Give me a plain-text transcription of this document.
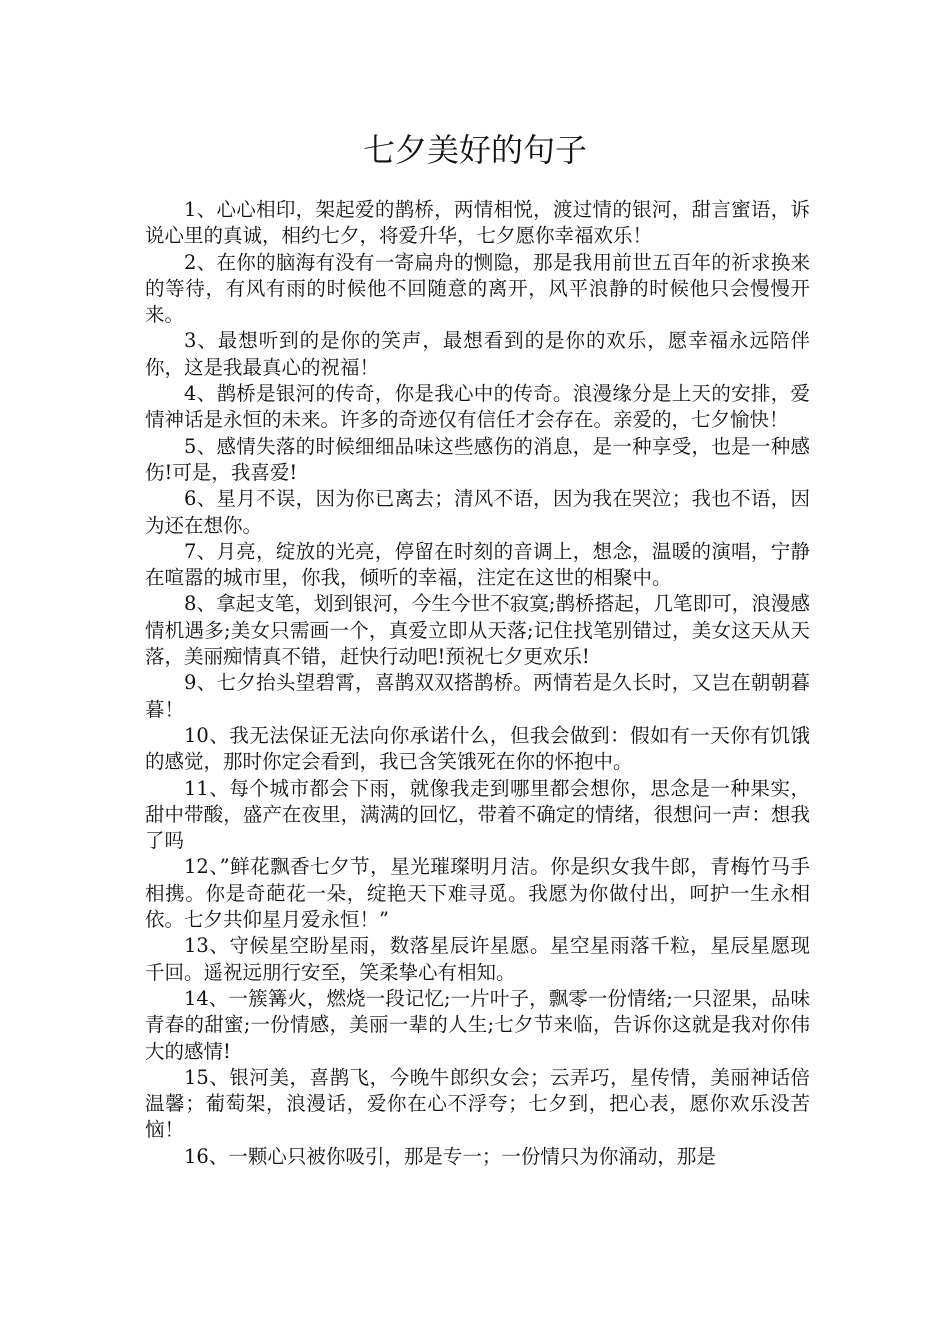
七夕美好的句子

1、心心相印，架起爱的鹊桥，两情相悦，渡过情的银河，甜言蜜语，诉说心里的真诚，相约七夕，将爱升华，七夕愿你幸福欢乐！

2、在你的脑海有没有一寄扁舟的恻隐，那是我用前世五百年的祈求换来的等待，有风有雨的时候他不回随意的离开，风平浪静的时候他只会慢慢开来。

3、最想听到的是你的笑声，最想看到的是你的欢乐，愿幸福永远陪伴你，这是我最真心的祝福！

4、鹊桥是银河的传奇，你是我心中的传奇。浪漫缘分是上天的安排，爱情神话是永恒的未来。许多的奇迹仅有信任才会存在。亲爱的，七夕愉快！

5、感情失落的时候细细品味这些感伤的消息，是一种享受，也是一种感伤!可是，我喜爱!

6、星月不误，因为你已离去；清风不语，因为我在哭泣；我也不语，因为还在想你。

7、月亮，绽放的光亮，停留在时刻的音调上，想念，温暖的演唱，宁静在喧嚣的城市里，你我，倾听的幸福，注定在这世的相聚中。

8、拿起支笔，划到银河，今生今世不寂寞;鹊桥搭起，几笔即可，浪漫感情机遇多;美女只需画一个，真爱立即从天落;记住找笔别错过，美女这天从天落，美丽痴情真不错，赶快行动吧!预祝七夕更欢乐!

9、七夕抬头望碧霄，喜鹊双双搭鹊桥。两情若是久长时，又岂在朝朝暮暮！

10、我无法保证无法向你承诺什么，但我会做到：假如有一天你有饥饿的感觉，那时你定会看到，我已含笑饿死在你的怀抱中。

11、每个城市都会下雨，就像我走到哪里都会想你，思念是一种果实，甜中带酸，盛产在夜里，满满的回忆，带着不确定的情绪，很想问一声：想我了吗

12、”鲜花飘香七夕节，星光璀璨明月洁。你是织女我牛郎，青梅竹马手相携。你是奇葩花一朵，绽艳天下难寻觅。我愿为你做付出，呵护一生永相依。七夕共仰星月爱永恒！”

13、守候星空盼星雨，数落星辰许星愿。星空星雨落千粒，星辰星愿现千回。遥祝远朋行安至，笑柔挚心有相知。

14、一簇篝火，燃烧一段记忆;一片叶子，飘零一份情绪;一只涩果，品味青春的甜蜜;一份情感，美丽一辈的人生;七夕节来临，告诉你这就是我对你伟大的感情!

15、银河美，喜鹊飞，今晚牛郎织女会；云弄巧，星传情，美丽神话倍温馨；葡萄架，浪漫话，爱你在心不浮夸；七夕到，把心表，愿你欢乐没苦恼！

16、一颗心只被你吸引，那是专一；一份情只为你涌动，那是
